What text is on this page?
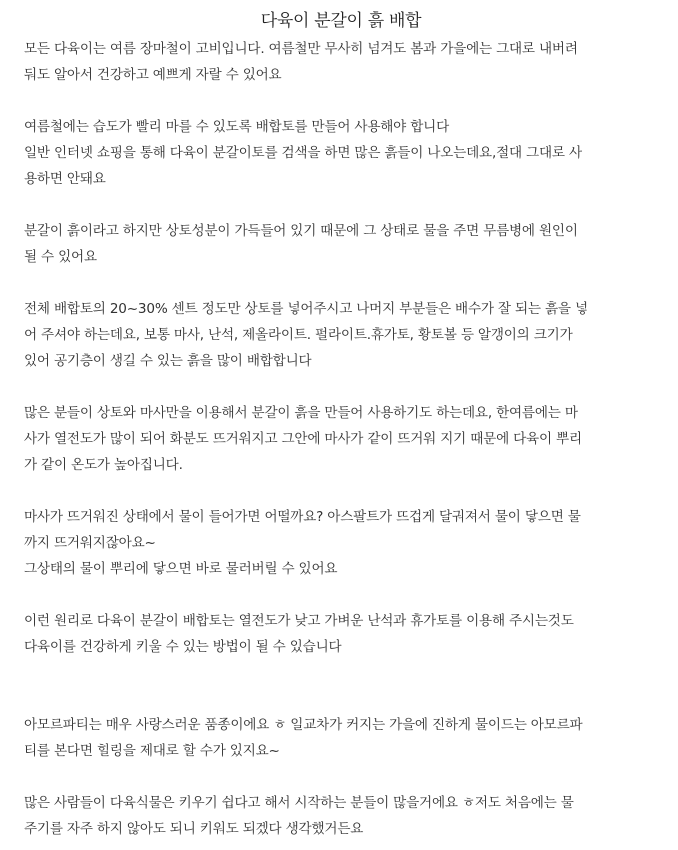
다육이 분갈이 흙 배합
모든 다육이는 여름 장마철이 고비입니다. 여름철만 무사히 넘겨도 봄과 가을에는 그대로 내버려
둬도 알아서 건강하고 예쁘게 자랄 수 있어요
여름철에는 습도가 빨리 마를 수 있도록 배합토를 만들어 사용해야 합니다
일반 인터넷 쇼핑을 통해 다육이 분갈이토를 검색을 하면 많은 흙들이 나오는데요,절대 그대로 사
용하면 안돼요
분갈이 흙이라고 하지만 상토성분이 가득들어 있기 때문에 그 상태로 물을 주면 무름병에 원인이
될 수 있어요
전체 배합토의 20~30% 센트 정도만 상토를 넣어주시고 나머지 부분들은 배수가 잘 되는 흙을 넣
어 주셔야 하는데요, 보통 마사, 난석, 제올라이트. 펄라이트.휴가토, 황토볼 등 알갱이의 크기가
있어 공기층이 생길 수 있는 흙을 많이 배합합니다
많은 분들이 상토와 마사만을 이용해서 분갈이 흙을 만들어 사용하기도 하는데요, 한여름에는 마
사가 열전도가 많이 되어 화분도 뜨거워지고 그안에 마사가 같이 뜨거워 지기 때문에 다육이 뿌리
가 같이 온도가 높아집니다.
마사가 뜨거워진 상태에서 물이 들어가면 어떨까요? 아스팔트가 뜨겁게 달궈져서 물이 닿으면 물
까지 뜨거워지잖아요~
그상태의 물이 뿌리에 닿으면 바로 물러버릴 수 있어요
이런 원리로 다육이 분갈이 배합토는 열전도가 낮고 가벼운 난석과 휴가토를 이용해 주시는것도
다육이를 건강하게 키울 수 있는 방법이 될 수 있습니다
아모르파티는 매우 사랑스러운 품종이에요 ㅎ 일교차가 커지는 가을에 진하게 물이드는 아모르파
티를 본다면 힐링을 제대로 할 수가 있지요~
많은 사람들이 다육식물은 키우기 쉽다고 해서 시작하는 분들이 많을거에요 ㅎ저도 처음에는 물
주기를 자주 하지 않아도 되니 키워도 되겠다 생각했거든요
